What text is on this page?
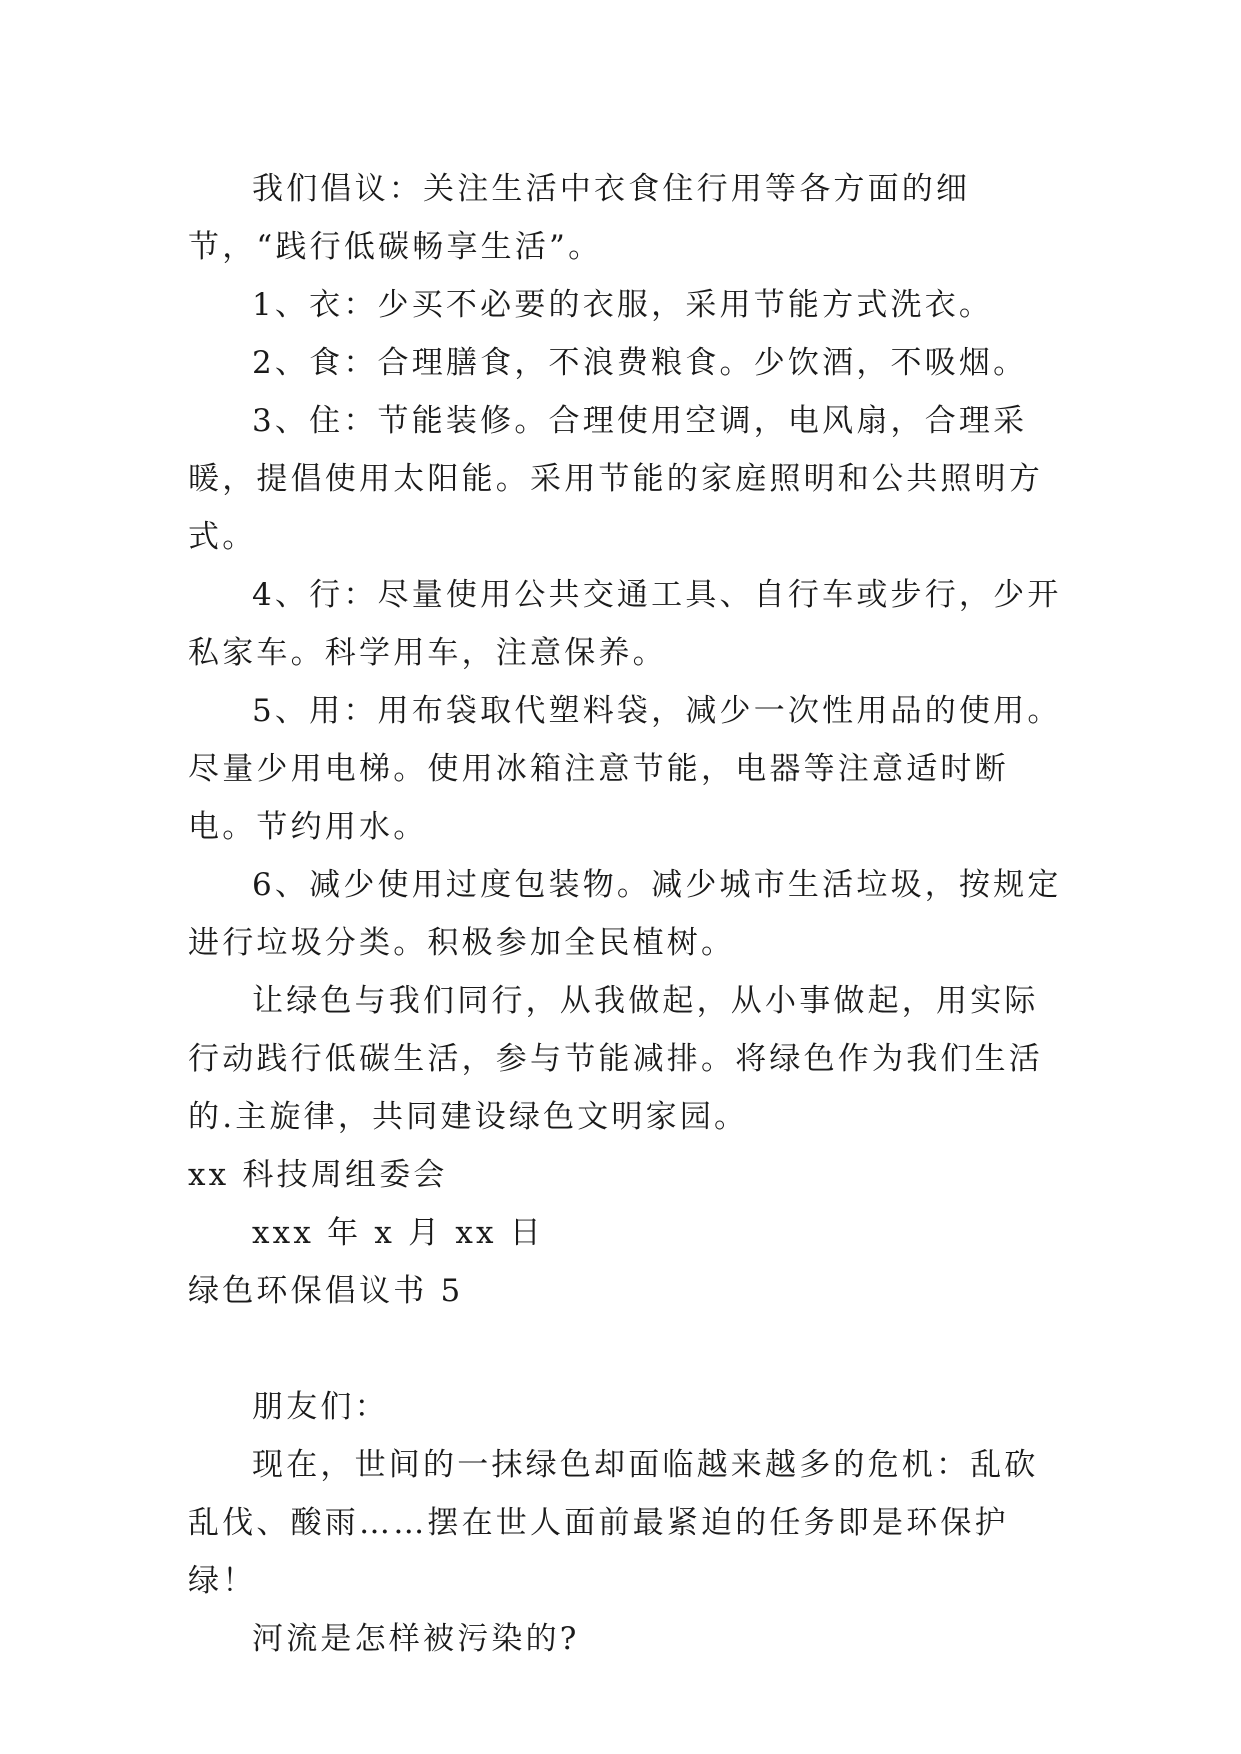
我们倡议：关注生活中衣食住行用等各方面的细节，“践行低碳畅享生活”。

1、衣：少买不必要的衣服，采用节能方式洗衣。

2、食：合理膳食，不浪费粮食。少饮酒，不吸烟。

3、住：节能装修。合理使用空调，电风扇，合理采暖，提倡使用太阳能。采用节能的家庭照明和公共照明方式。

4、行：尽量使用公共交通工具、自行车或步行，少开私家车。科学用车，注意保养。

5、用：用布袋取代塑料袋，减少一次性用品的使用。尽量少用电梯。使用冰箱注意节能，电器等注意适时断电。节约用水。

6、减少使用过度包装物。减少城市生活垃圾，按规定进行垃圾分类。积极参加全民植树。

让绿色与我们同行，从我做起，从小事做起，用实际行动践行低碳生活，参与节能减排。将绿色作为我们生活的.主旋律，共同建设绿色文明家园。

xx 科技周组委会

xxx 年 x 月 xx 日

绿色环保倡议书 5

朋友们：

现在，世间的一抹绿色却面临越来越多的危机：乱砍乱伐、酸雨……摆在世人面前最紧迫的任务即是环保护绿！

河流是怎样被污染的?
